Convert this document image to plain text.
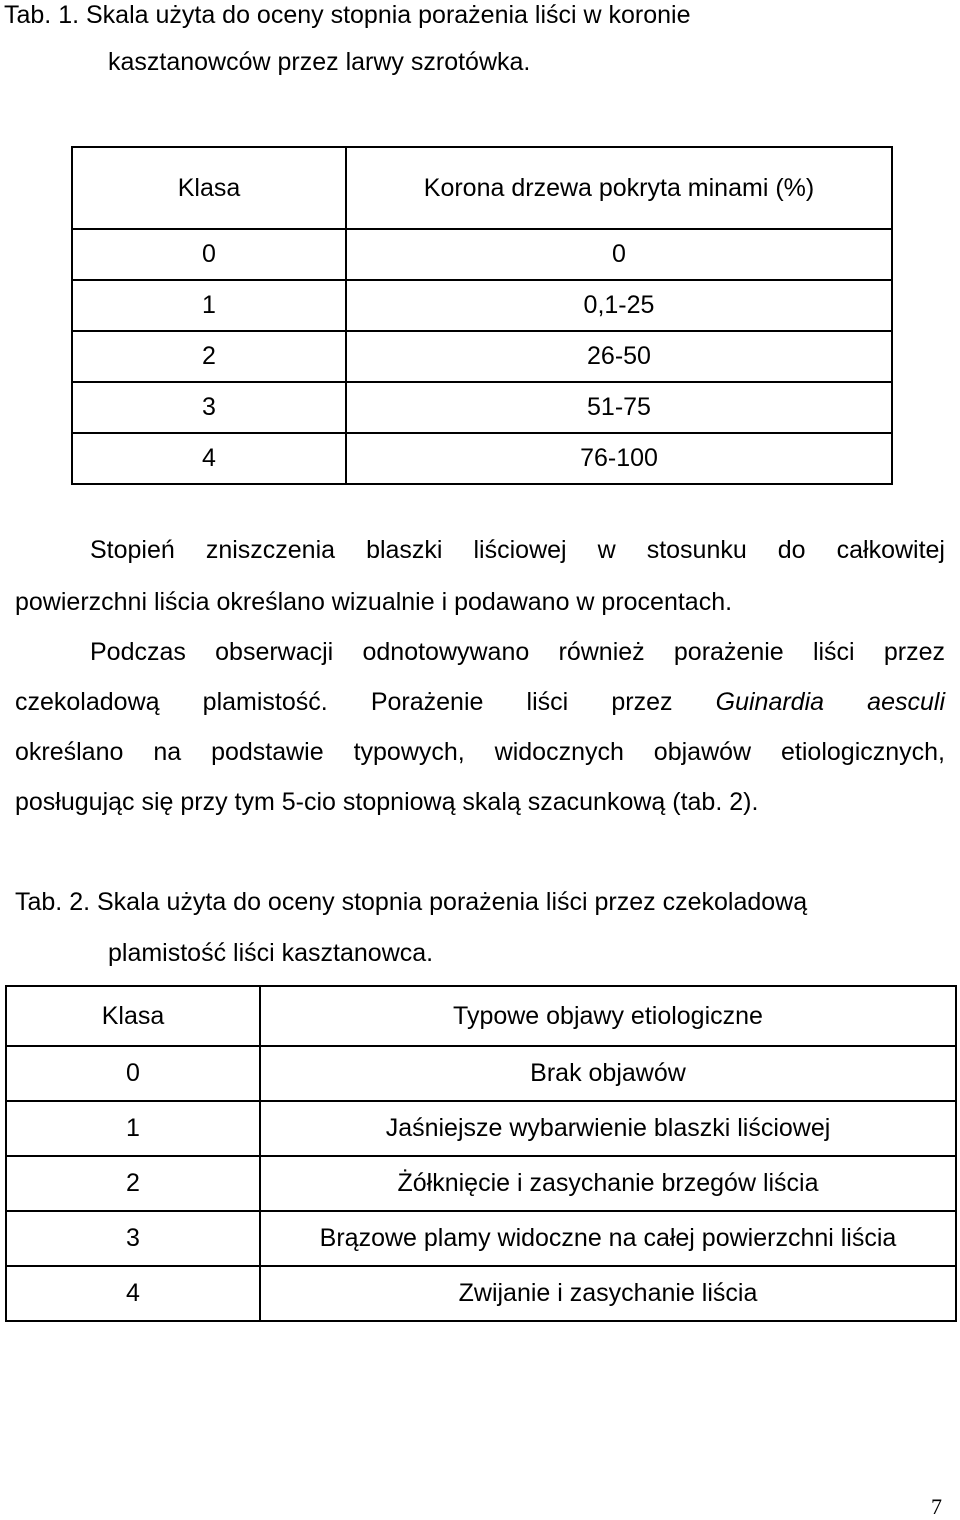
Tab. 1. Skala użyta do oceny stopnia porażenia liści w koronie
kasztanowców przez larwy szrotówka.
Klasa	Korona drzewa pokryta minami (%)
0	0
1	0,1-25
2	26-50
3	51-75
4	76-100
Stopień zniszczenia blaszki liściowej w stosunku do całkowitej
powierzchni liścia określano wizualnie i podawano w procentach.
Podczas obserwacji odnotowywano również porażenie liści przez
czekoladową plamistość. Porażenie liści przez Guinardia aesculi
określano na podstawie typowych, widocznych objawów etiologicznych,
posługując się przy tym 5-cio stopniową skalą szacunkową (tab. 2).
Tab. 2. Skala użyta do oceny stopnia porażenia liści przez czekoladową
plamistość liści kasztanowca.
Klasa	Typowe objawy etiologiczne
0	Brak objawów
1	Jaśniejsze wybarwienie blaszki liściowej
2	Żółknięcie i zasychanie brzegów liścia
3	Brązowe plamy widoczne na całej powierzchni liścia
4	Zwijanie i zasychanie liścia
7
